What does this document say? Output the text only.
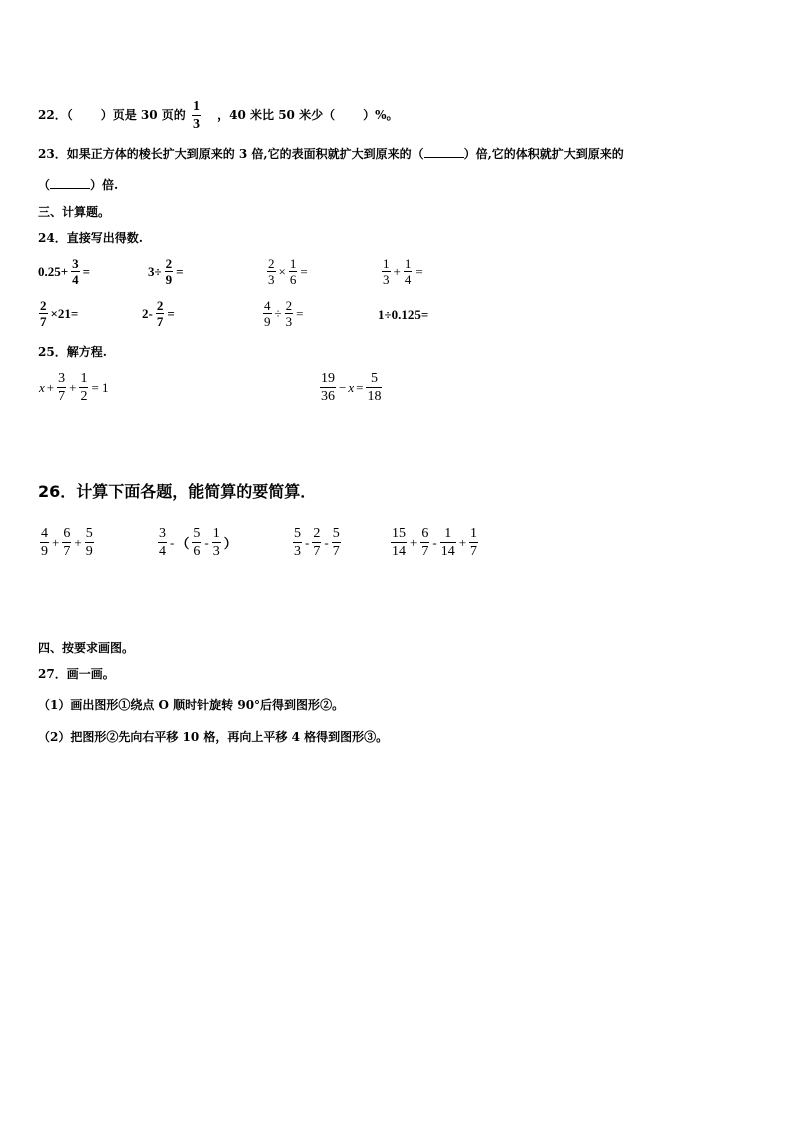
22．（ ）页是 30 页的 $\frac{1}{3}$ ，40 米比 50 米少（ ）%。
23．如果正方体的棱长扩大到原来的 3 倍,它的表面积就扩大到原来的（	）倍,它的体积就扩大到原来的
（	）倍.
三、计算题。
24．直接写出得数.
$0.25+ \frac{3}{4}$ =	$3\div \frac{2}{9}$ =	$\frac{2}{3} \times \frac{1}{6}$ =	$\frac{1}{3} + \frac{1}{4}$ =
$\frac{2}{7} \times 21=$	$2- \frac{2}{7}$ =	$\frac{4}{9} \div \frac{2}{3}$ =	1÷0.125=
25．解方程.
$x + \frac{3}{7} + \frac{1}{2} = 1$	$\frac{19}{36} - x = \frac{5}{18}$
26．计算下面各题，能简算的要简算．
$\frac{4}{9} + \frac{6}{7} + \frac{5}{9}$	$\frac{3}{4}$ - （ $\frac{5}{6} - \frac{1}{3}$ ）	$\frac{5}{3} - \frac{2}{7} - \frac{5}{7}$	$\frac{15}{14} + \frac{6}{7} - \frac{1}{14} + \frac{1}{7}$
四、按要求画图。
27．画一画。
（1）画出图形①绕点 O 顺时针旋转 90°后得到图形②。
（2）把图形②先向右平移 10 格，再向上平移 4 格得到图形③。
